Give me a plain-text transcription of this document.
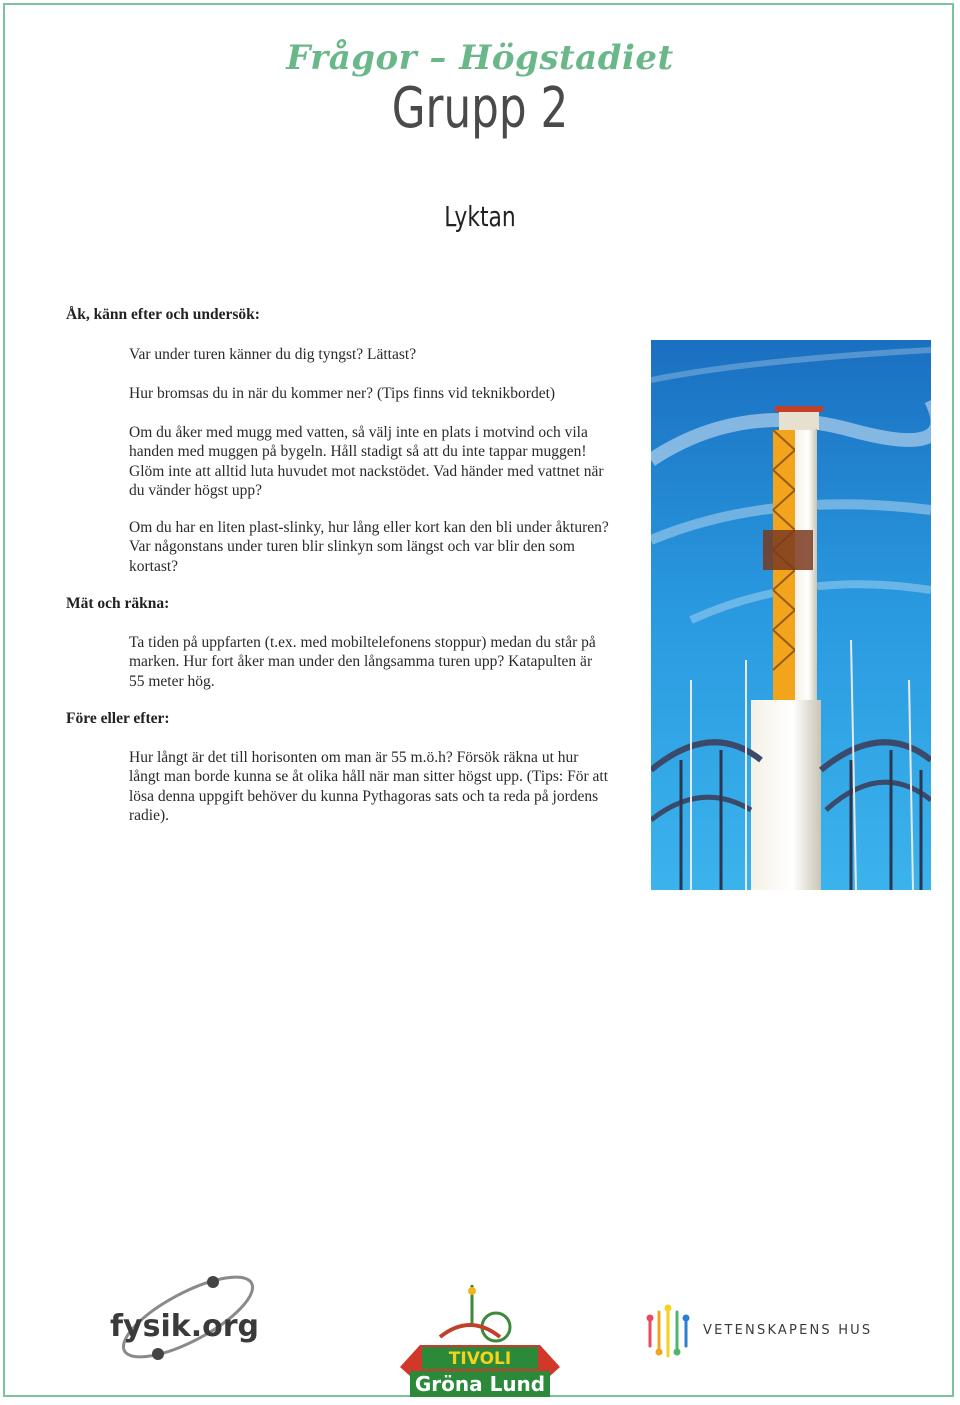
Frågor – Högstadiet
Grupp 2
Lyktan
Åk, känn efter och undersök:
Var under turen känner du dig tyngst? Lättast?
Hur bromsas du in när du kommer ner? (Tips finns vid teknikbordet)
Om du åker med mugg med vatten, så välj inte en plats i motvind och vila handen med muggen på bygeln. Håll stadigt så att du inte tappar muggen! Glöm inte att alltid luta huvudet mot nackstödet. Vad händer med vattnet när du vänder högst upp?
Om du har en liten plast-slinky, hur lång eller kort kan den bli under åkturen? Var någonstans under turen blir slinkyn som längst och var blir den som kortast?
Mät och räkna:
Ta tiden på uppfarten (t.ex. med mobiltelefonens stoppur) medan du står på marken. Hur fort åker man under den långsamma turen upp? Katapulten är 55 meter hög.
Före eller efter:
Hur långt är det till horisonten om man är 55 m.ö.h? Försök räkna ut hur långt man borde kunna se åt olika håll när man sitter högst upp. (Tips: För att lösa denna uppgift behöver du kunna Pythagoras sats och ta reda på jordens radie).
fysik.org
TIVOLI
Gröna Lund
VETENSKAPENS HUS
